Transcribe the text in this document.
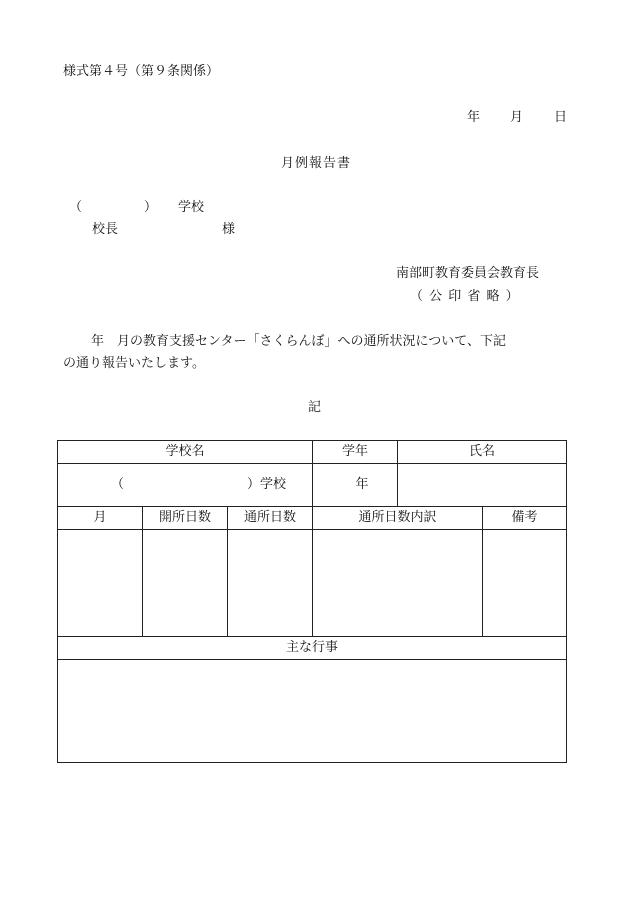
様式第４号（第９条関係）
年 月 日
月例報告書
（	） 学校
校長	様
南部町教育委員会教育長
（ 公 印 省 略 ）
年　月の教育支援センター「さくらんぼ」への通所状況について、下記
の通り報告いたします。
記
学校名			学年	氏名	
（ ）学校			年		
月	開所日数	通所日数	通所日数内訳		備考

主な行事					
